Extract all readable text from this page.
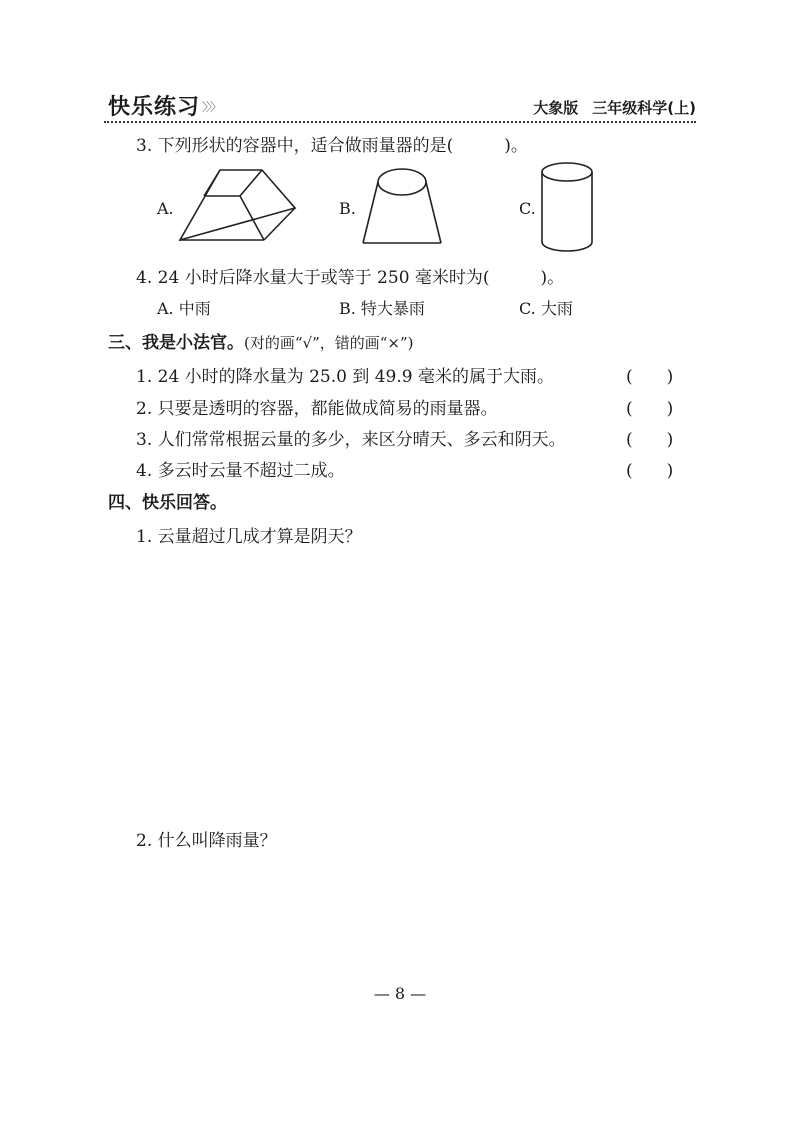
快乐练习 〉〉〉	大象版 三年级科学(上)
3. 下列形状的容器中，适合做雨量器的是(　　　)。
A.	B.	C.
4. 24 小时后降水量大于或等于 250 毫米时为(　　　)。
A. 中雨	B. 特大暴雨	C. 大雨
三、我是小法官。(对的画“√”，错的画“×”)
1. 24 小时的降水量为 25.0 到 49.9 毫米的属于大雨。	(　　)
2. 只要是透明的容器，都能做成简易的雨量器。	(　　)
3. 人们常常根据云量的多少，来区分晴天、多云和阴天。	(　　)
4. 多云时云量不超过二成。	(　　)
四、快乐回答。
1. 云量超过几成才算是阴天？
2. 什么叫降雨量？
— 8 —
